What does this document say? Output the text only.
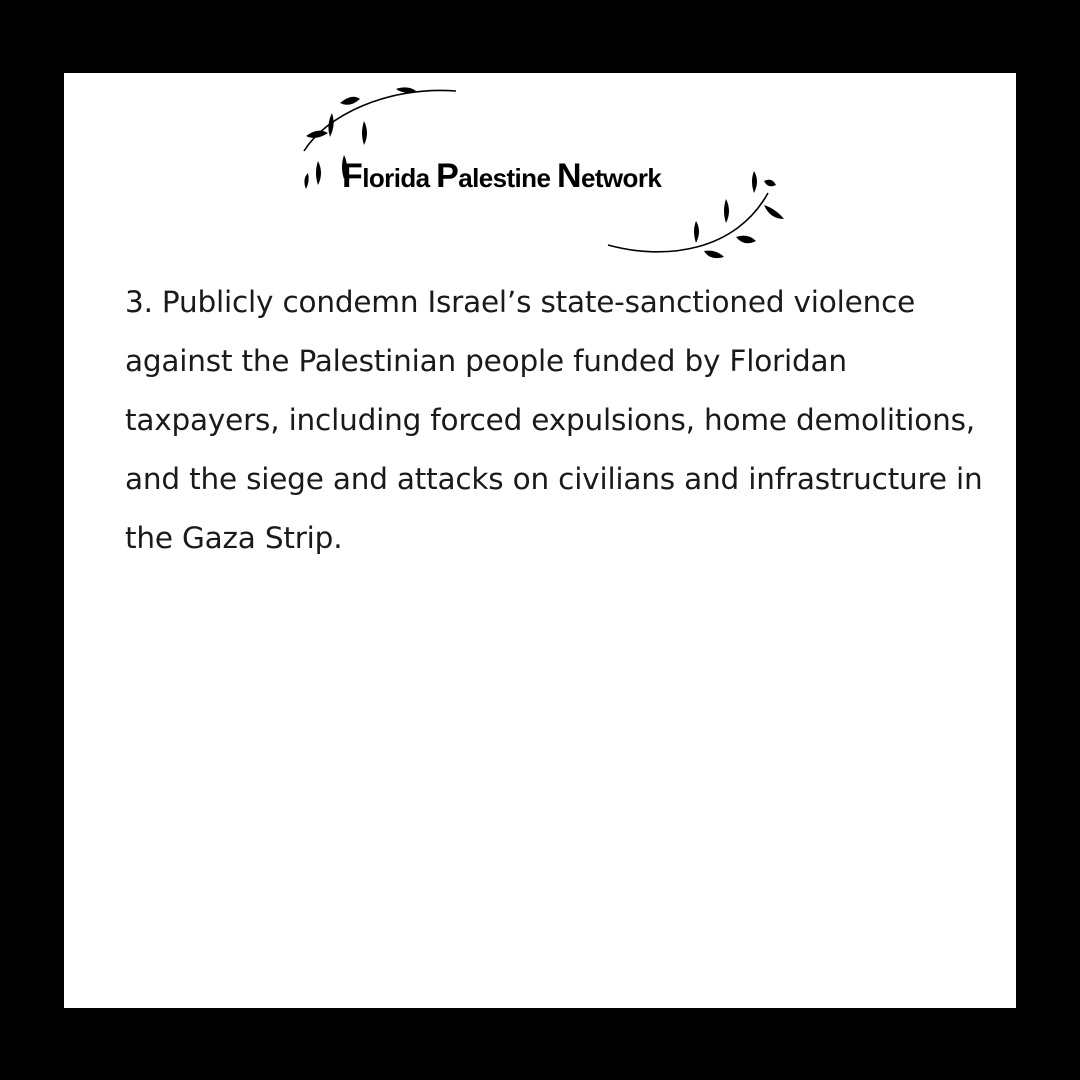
Florida Palestine Network

3. Publicly condemn Israel’s state-sanctioned violence against the Palestinian people funded by Floridan taxpayers, including forced expulsions, home demolitions, and the siege and attacks on civilians and infrastructure in the Gaza Strip.
